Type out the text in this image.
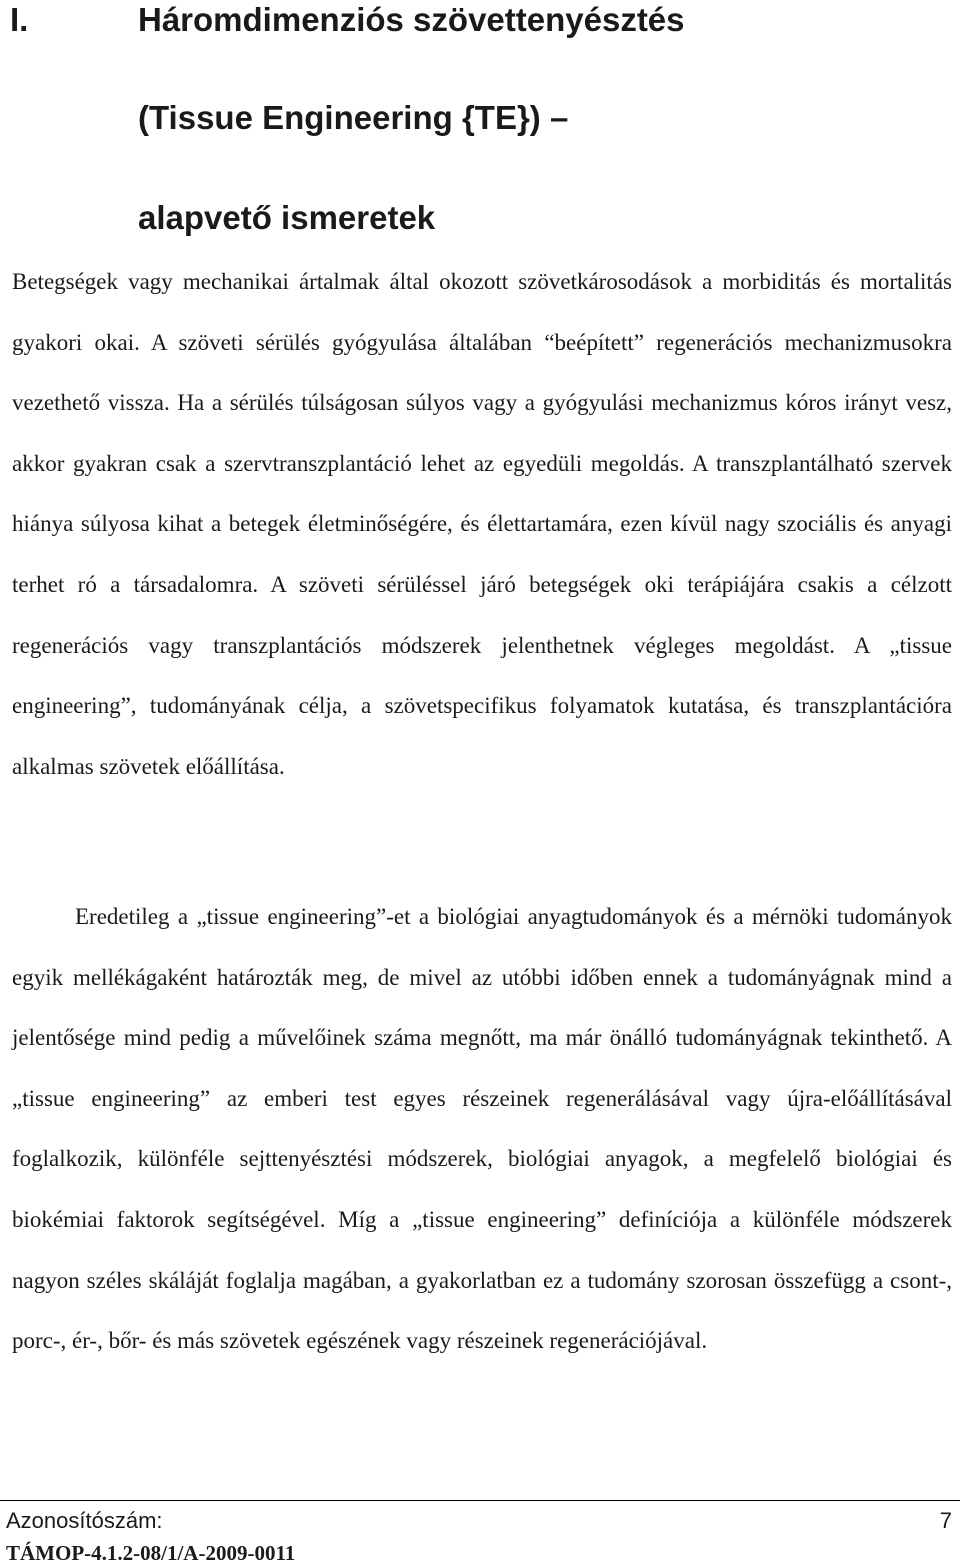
I.	Háromdimenziós szövettenyésztés
(Tissue Engineering {TE}) –
alapvető ismeretek

Betegségek vagy mechanikai ártalmak által okozott szövetkárosodások a morbiditás és mortalitás gyakori okai. A szöveti sérülés gyógyulása általában “beépített” regenerációs mechanizmusokra vezethető vissza. Ha a sérülés túlságosan súlyos vagy a gyógyulási mechanizmus kóros irányt vesz, akkor gyakran csak a szervtranszplantáció lehet az egyedüli megoldás. A transzplantálható szervek hiánya súlyosa kihat a betegek életminőségére, és élettartamára, ezen kívül nagy szociális és anyagi terhet ró a társadalomra. A szöveti sérüléssel járó betegségek oki terápiájára csakis a célzott regenerációs vagy transzplantációs módszerek jelenthetnek végleges megoldást. A „tissue engineering”, tudományának célja, a szövetspecifikus folyamatok kutatása, és transzplantációra alkalmas szövetek előállítása.

Eredetileg a „tissue engineering”-et a biológiai anyagtudományok és a mérnöki tudományok egyik mellékágaként határozták meg, de mivel az utóbbi időben ennek a tudományágnak mind a jelentősége mind pedig a művelőinek száma megnőtt, ma már önálló tudományágnak tekinthető. A „tissue engineering” az emberi test egyes részeinek regenerálásával vagy újra-előállításával foglalkozik, különféle sejttenyésztési módszerek, biológiai anyagok, a megfelelő biológiai és biokémiai faktorok segítségével. Míg a „tissue engineering” definíciója a különféle módszerek nagyon széles skáláját foglalja magában, a gyakorlatban ez a tudomány szorosan összefügg a csont-, porc-, ér-, bőr- és más szövetek egészének vagy részeinek regenerációjával.

Azonosítószám:	7
TÁMOP-4.1.2-08/1/A-2009-0011
